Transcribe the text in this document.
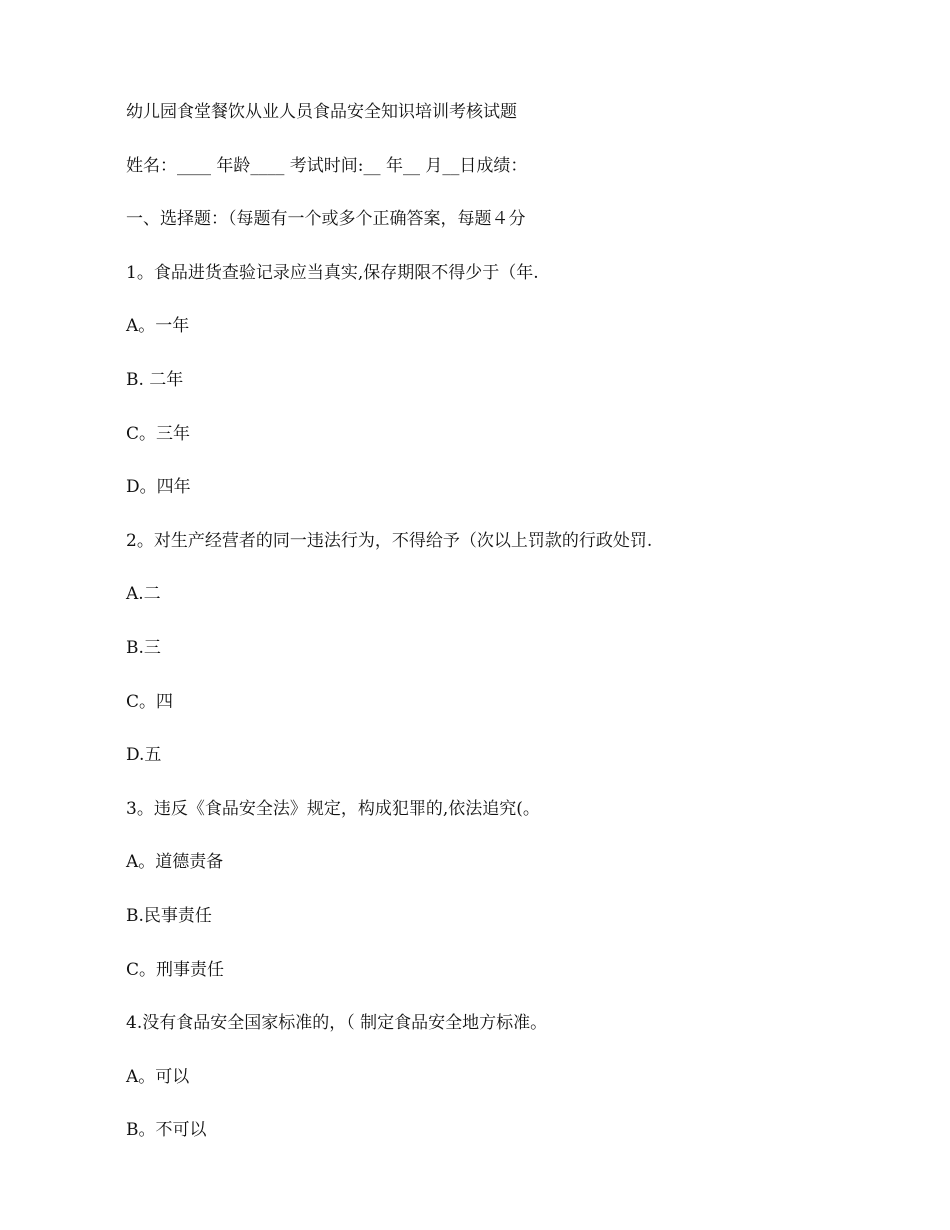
幼儿园食堂餐饮从业人员食品安全知识培训考核试题
姓名：____ 年龄____ 考试时间:__ 年__ 月__日成绩：
一、选择题：（每题有一个或多个正确答案，每题４分
1。食品进货查验记录应当真实,保存期限不得少于（年.
A。一年
B. 二年
C。三年
D。四年
2。对生产经营者的同一违法行为，不得给予（次以上罚款的行政处罚.
A.二
B.三
C。四
D.五
3。违反《食品安全法》规定，构成犯罪的,依法追究(。
A。道德责备
B.民事责任
C。刑事责任
4.没有食品安全国家标准的，（ 制定食品安全地方标准。
A。可以
B。不可以
